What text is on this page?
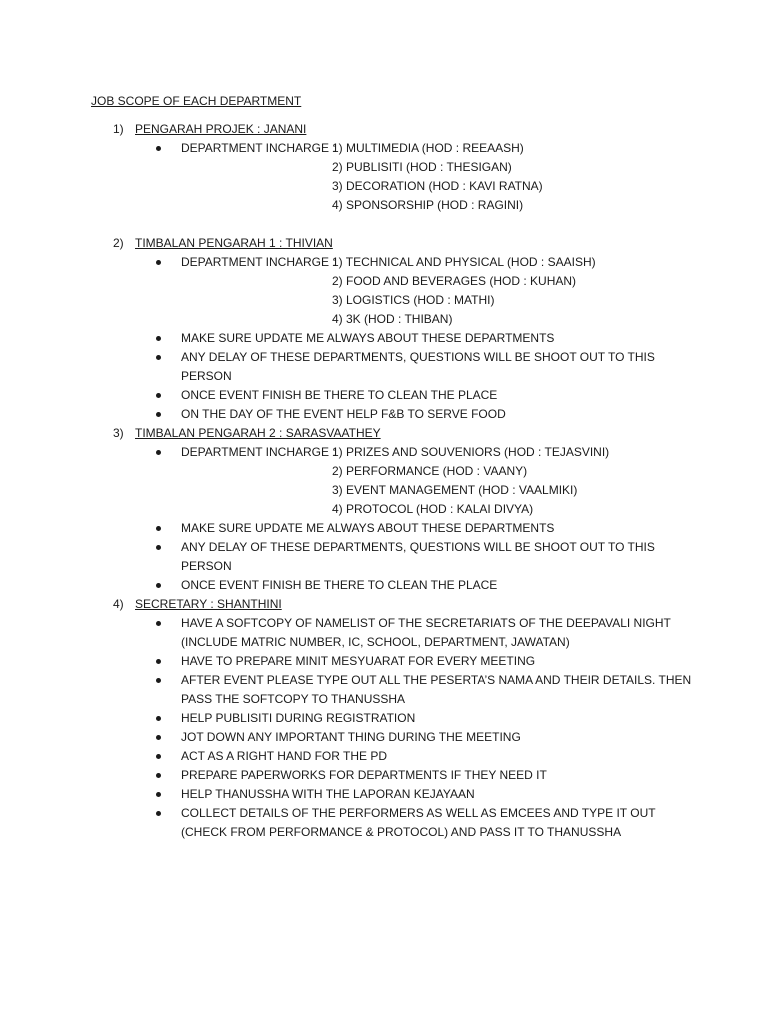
JOB SCOPE OF EACH DEPARTMENT
1) PENGARAH PROJEK : JANANI
DEPARTMENT INCHARGE :
1) MULTIMEDIA (HOD : REEAASH)
2) PUBLISITI (HOD : THESIGAN)
3) DECORATION (HOD : KAVI RATNA)
4) SPONSORSHIP (HOD : RAGINI)
2) TIMBALAN PENGARAH 1 : THIVIAN
DEPARTMENT INCHARGE :
1) TECHNICAL AND PHYSICAL (HOD : SAAISH)
2) FOOD AND BEVERAGES (HOD : KUHAN)
3) LOGISTICS (HOD : MATHI)
4) 3K (HOD : THIBAN)
MAKE SURE UPDATE ME ALWAYS ABOUT THESE DEPARTMENTS
ANY DELAY OF THESE DEPARTMENTS, QUESTIONS WILL BE SHOOT OUT TO THIS PERSON
ONCE EVENT FINISH BE THERE TO CLEAN THE PLACE
ON THE DAY OF THE EVENT HELP F&B TO SERVE FOOD
3) TIMBALAN PENGARAH 2 : SARASVAATHEY
DEPARTMENT INCHARGE :
1) PRIZES AND SOUVENIORS (HOD : TEJASVINI)
2) PERFORMANCE (HOD : VAANY)
3) EVENT MANAGEMENT (HOD : VAALMIKI)
4) PROTOCOL (HOD : KALAI DIVYA)
MAKE SURE UPDATE ME ALWAYS ABOUT THESE DEPARTMENTS
ANY DELAY OF THESE DEPARTMENTS, QUESTIONS WILL BE SHOOT OUT TO THIS PERSON
ONCE EVENT FINISH BE THERE TO CLEAN THE PLACE
4) SECRETARY : SHANTHINI
HAVE A SOFTCOPY OF NAMELIST OF THE SECRETARIATS OF THE DEEPAVALI NIGHT (INCLUDE MATRIC NUMBER, IC, SCHOOL, DEPARTMENT, JAWATAN)
HAVE TO PREPARE MINIT MESYUARAT FOR EVERY MEETING
AFTER EVENT PLEASE TYPE OUT ALL THE PESERTA’S NAMA AND THEIR DETAILS. THEN PASS THE SOFTCOPY TO THANUSSHA
HELP PUBLISITI DURING REGISTRATION
JOT DOWN ANY IMPORTANT THING DURING THE MEETING
ACT AS A RIGHT HAND FOR THE PD
PREPARE PAPERWORKS FOR DEPARTMENTS IF THEY NEED IT
HELP THANUSSHA WITH THE LAPORAN KEJAYAAN
COLLECT DETAILS OF THE PERFORMERS AS WELL AS EMCEES AND TYPE IT OUT (CHECK FROM PERFORMANCE & PROTOCOL) AND PASS IT TO THANUSSHA
